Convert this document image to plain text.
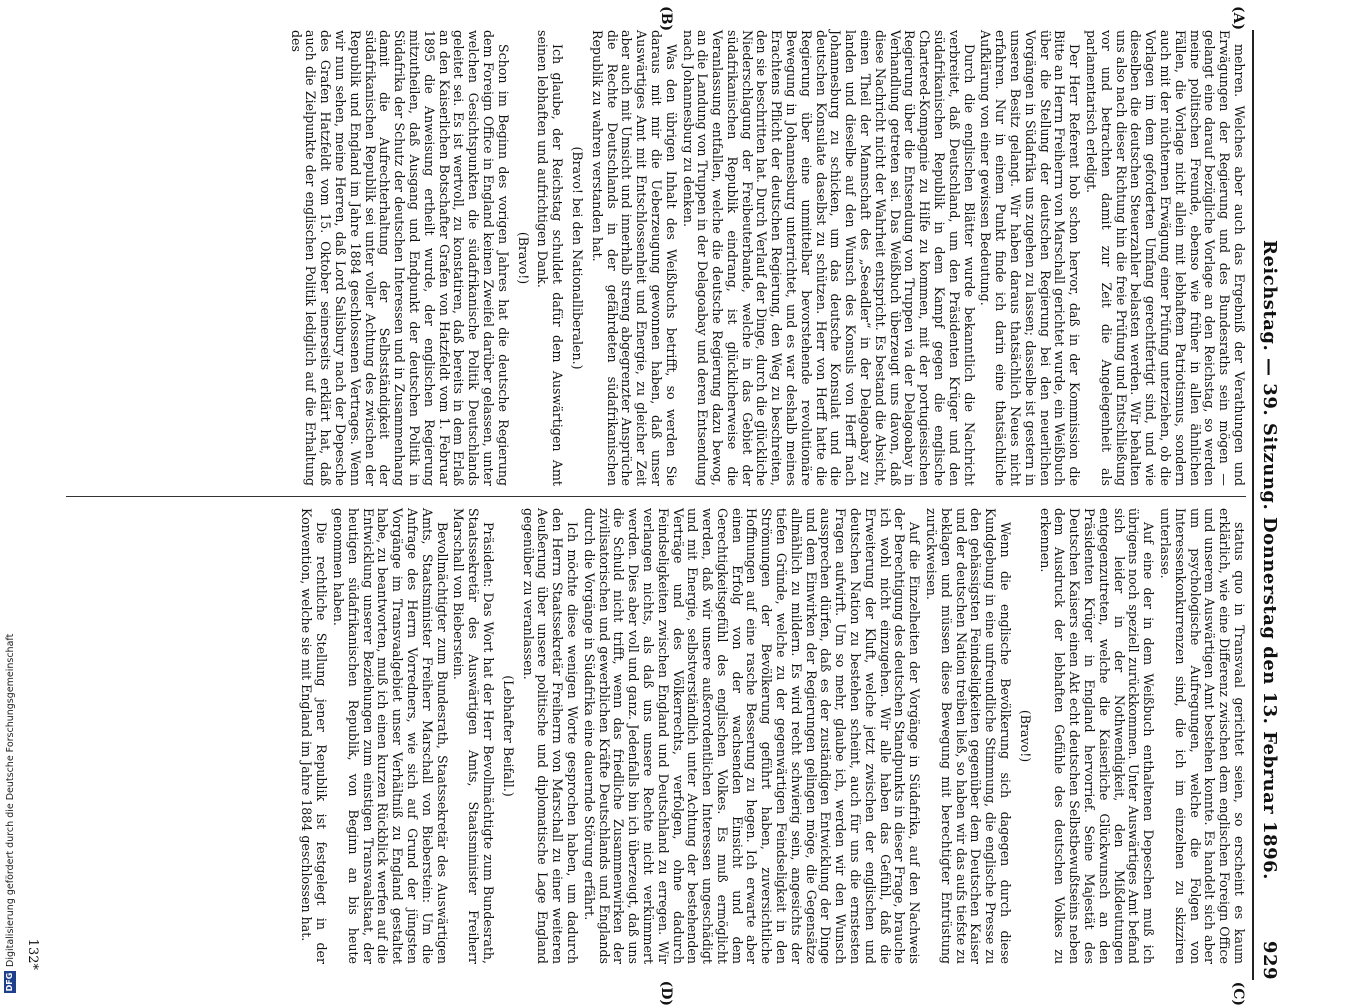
Reichstag. — 39. Sitzung. Donnerstag den 13. Februar 1896.
929
(A)
(B)
(C)
(D)

mehren. Welches aber auch das Ergebniß der Verathungen und Erwägungen der Regierung und des Bundesraths sein mögen — gelangt eine darauf bezügliche Vorlage an den Reichstag, so werden meine politischen Freunde, ebenso wie früher in allen ähnlichen Fällen, die Vorlage nicht allein mit lebhaftem Patriotismus, sondern auch mit der nüchternen Erwägung einer Prüfung unterziehen, ob die Vorlagen im dem geforderten Umfang gerechtfertigt sind, und wie dieselben die deutschen Steuerzahler belasten werden. Wir behalten uns also nach dieser Richtung hin die freie Prüfung und Entschließung vor und betrachten damit zur Zeit die Angelegenheit als parlamentarisch erledigt.

Der Herr Referent hob schon hervor, daß in der Kommission die Bitte an Herrn Freiherrn von Marschall gerichtet wurde, ein Weißbuch über die Stellung der deutschen Regierung bei den neuerlichen Vorgängen in Südafrika uns zugehen zu lassen; dasselbe ist gestern in unseren Besitz gelangt. Wir haben daraus thatsächlich Neues nicht erfahren. Nur in einem Punkt finde ich darin eine thatsächliche Aufklärung von einer gewissen Bedeutung.

Durch die englischen Blätter wurde bekanntlich die Nachricht verbreitet, daß Deutschland, um den Präsidenten Krüger und den südafrikanischen Republik in dem Kampf gegen die englische Chartered-Kompagnie zu Hilfe zu kommen, mit der portugiesischen Regierung über die Entsendung von Truppen via der Delagoabay in Verhandlung getreten sei. Das Weißbuch überzeugt uns davon, daß diese Nachricht nicht der Wahrheit entspricht. Es bestand die Absicht, einen Theil der Mannschaft des „Seeadler“ in der Delagoabay zu landen und dieselbe auf den Wunsch des Konsuls von Herff nach Johannesburg zu schicken, um das deutsche Konsulat und die deutschen Konsulate daselbst zu schützen. Herr von Herff hatte die Regierung über eine unmittelbar bevorstehende revolutionäre Bewegung in Johannesburg unterrichtet, und es war deshalb meines Erachtens Pflicht der deutschen Regierung, den Weg zu beschreiten, den sie beschritten hat. Durch Verlauf der Dinge, durch die glückliche Niederschlagung der Freibeuterbande, welche in das Gebiet der südafrikanischen Republik eindrang, ist glücklicherweise die Veranlassung entfallen, welche die deutsche Regierung dazu bewog, an die Landung von Truppen in der Delagoabay und deren Entsendung nach Johannesburg zu denken.

Was den übrigen Inhalt des Weißbuchs betrifft, so werden Sie daraus mit mir die Ueberzeugung gewonnen haben, daß unser Auswärtiges Amt mit Entschlossenheit und Energie, zu gleicher Zeit aber auch mit Umsicht und innerhalb streng abgegrenzter Ansprüche die Rechte Deutschlands in der gefährdeten südafrikanischen Republik zu wahren verstanden hat.

(Bravo! bei den Nationalliberalen.)

Ich glaube, der Reichstag schuldet dafür dem Auswärtigen Amt seinen lebhaften und aufrichtigen Dank.

(Bravo!)

Schon im Beginn des vorigen Jahres hat die deutsche Regierung dem Foreign Office in England keinen Zweifel darüber gelassen, unter welchen Gesichtspunkten die südafrikanische Politik Deutschlands geleitet sei. Es ist wertvoll, zu konstatiren, daß bereits in dem Erlaß an den Kaiserlichen Botschafter Grafen von Hatzfeldt vom 1. Februar 1895 die Anweisung ertheilt wurde, der englischen Regierung mitzutheilen, daß Ausgang und Endpunkt der deutschen Politik in Südafrika der Schutz der deutschen Interessen und in Zusammenhang damit die Aufrechterhaltung der Selbstständigkeit der südafrikanischen Republik sei unter voller Achtung des zwischen der Republik und England im Jahre 1884 geschlossenen Vertrages. Wenn wir nun sehen, meine Herren, daß Lord Salisbury nach der Depesche des Grafen Hatzfeldt vom 15. Oktober seinerseits erklärt hat, daß auch die Zielpunkte der englischen Politik lediglich auf die Erhaltung des

status quo in Transvaal gerichtet seien, so erscheint es kaum erklärlich, wie eine Differenz zwischen dem englischen Foreign Office und unserem Auswärtigen Amt bestehen konnte. Es handelt sich aber um psychologische Aufregungen, welche die Folgen von Interessenkonkurrenzen sind, die ich im einzelnen zu skizziren unterlasse.

Auf eine der in dem Weißbuch enthaltenen Depeschen muß ich übrigens noch speziell zurückkommen. Unter Auswärtiges Amt befand sich leider in der Nothwendigkeit, den Mißdeutungen entgegenzutreten, welche die Kaiserliche Glückwunsch an den Präsidenten Krüger in England hervorrief. Seine Majestät des Deutschen Kaisers einen Akt echt deutschen Selbstbewußtseins neben dem Ausdruck der lebhaften Gefühle des deutschen Volkes zu erkennen.

(Bravo!)

Wenn die englische Bevölkerung sich dagegen durch diese Kundgebung in eine unfreundliche Stimmung, die englische Presse zu den gehässigsten Feindseligkeiten gegenüber dem Deutschen Kaiser und der deutschen Nation treiben ließ, so haben wir das aufs tiefste zu beklagen und müssen diese Bewegung mit berechtigter Entrüstung zurückweisen.

Auf die Einzelheiten der Vorgänge in Südafrika, auf den Nachweis der Berechtigung des deutschen Standpunkts in dieser Frage, brauche ich wohl nicht einzugehen. Wir alle haben das Gefühl, daß die Erweiterung der Kluft, welche jetzt zwischen der englischen und deutschen Nation zu bestehen scheint, auch für uns die ernstesten Fragen aufwirft. Um so mehr, glaube ich, werden wir den Wunsch aussprechen dürfen, daß es der zuständigen Entwicklung der Dinge und dem Einwirken der Regierungen gelingen möge, die Gegensätze allmählich zu mildern. Es wird recht schwierig sein, angesichts der tiefen Gründe, welche zu der gegenwärtigen Feindseligkeit in den Strömungen der Bevölkerung geführt haben, zuversichtliche Hoffnungen auf eine rasche Besserung zu hegen. Ich erwarte aber einen Erfolg von der wachsenden Einsicht und dem Gerechtigkeitsgefühl des englischen Volkes. Es muß ermöglicht werden, daß wir unsere außerordentlichen Interessen ungeschädigt und mit Energie, selbstverständlich unter Achtung der bestehenden Verträge und des Völkerrechts, verfolgen, ohne dadurch Feindseligkeiten zwischen England und Deutschland zu erregen. Wir verlangen nichts, als daß uns unsere Rechte nicht verkümmert werden. Dies aber voll und ganz. Jedenfalls bin ich überzeugt, daß uns die Schuld nicht trifft, wenn das friedliche Zusammenwirken der zivilisatorischen und gewerblichen Kräfte Deutschlands und Englands durch die Vorgänge in Südafrika eine dauernde Störung erfährt.

Ich möchte diese wenigen Worte gesprochen haben, um dadurch den Herrn Staatssekretär Freiherrn von Marschall zu einer weiteren Aeußerung über unsere politische und diplomatische Lage England gegenüber zu veranlassen.

(Lebhafter Beifall.)

Präsident: Das Wort hat der Herr Bevollmächtigte zum Bundesrath, Staatssekretär des Auswärtigen Amts, Staatsminister Freiherr Marschall von Bieberstein.

Bevollmächtigter zum Bundesrath, Staatssekretär des Auswärtigen Amts, Staatsminister Freiherr Marschall von Bieberstein: Um die Anfrage des Herrn Vorredners, wie sich auf Grund der jüngsten Vorgänge im Transvaalgebiet unser Verhältniß zu England gestaltet habe, zu beantworten, muß ich einen kurzen Rückblick werfen auf die Entwicklung unserer Beziehungen zum einstigen Transvaalstaat, der heutigen südafrikanischen Republik, von Beginn an bis heute genommen haben.

Die rechtliche Stellung jener Republik ist festgelegt in der Konvention, welche sie mit England im Jahre 1884 geschlossen hat.

132*
DFG
Digitalisierung gefördert durch die Deutsche Forschungsgemeinschaft
